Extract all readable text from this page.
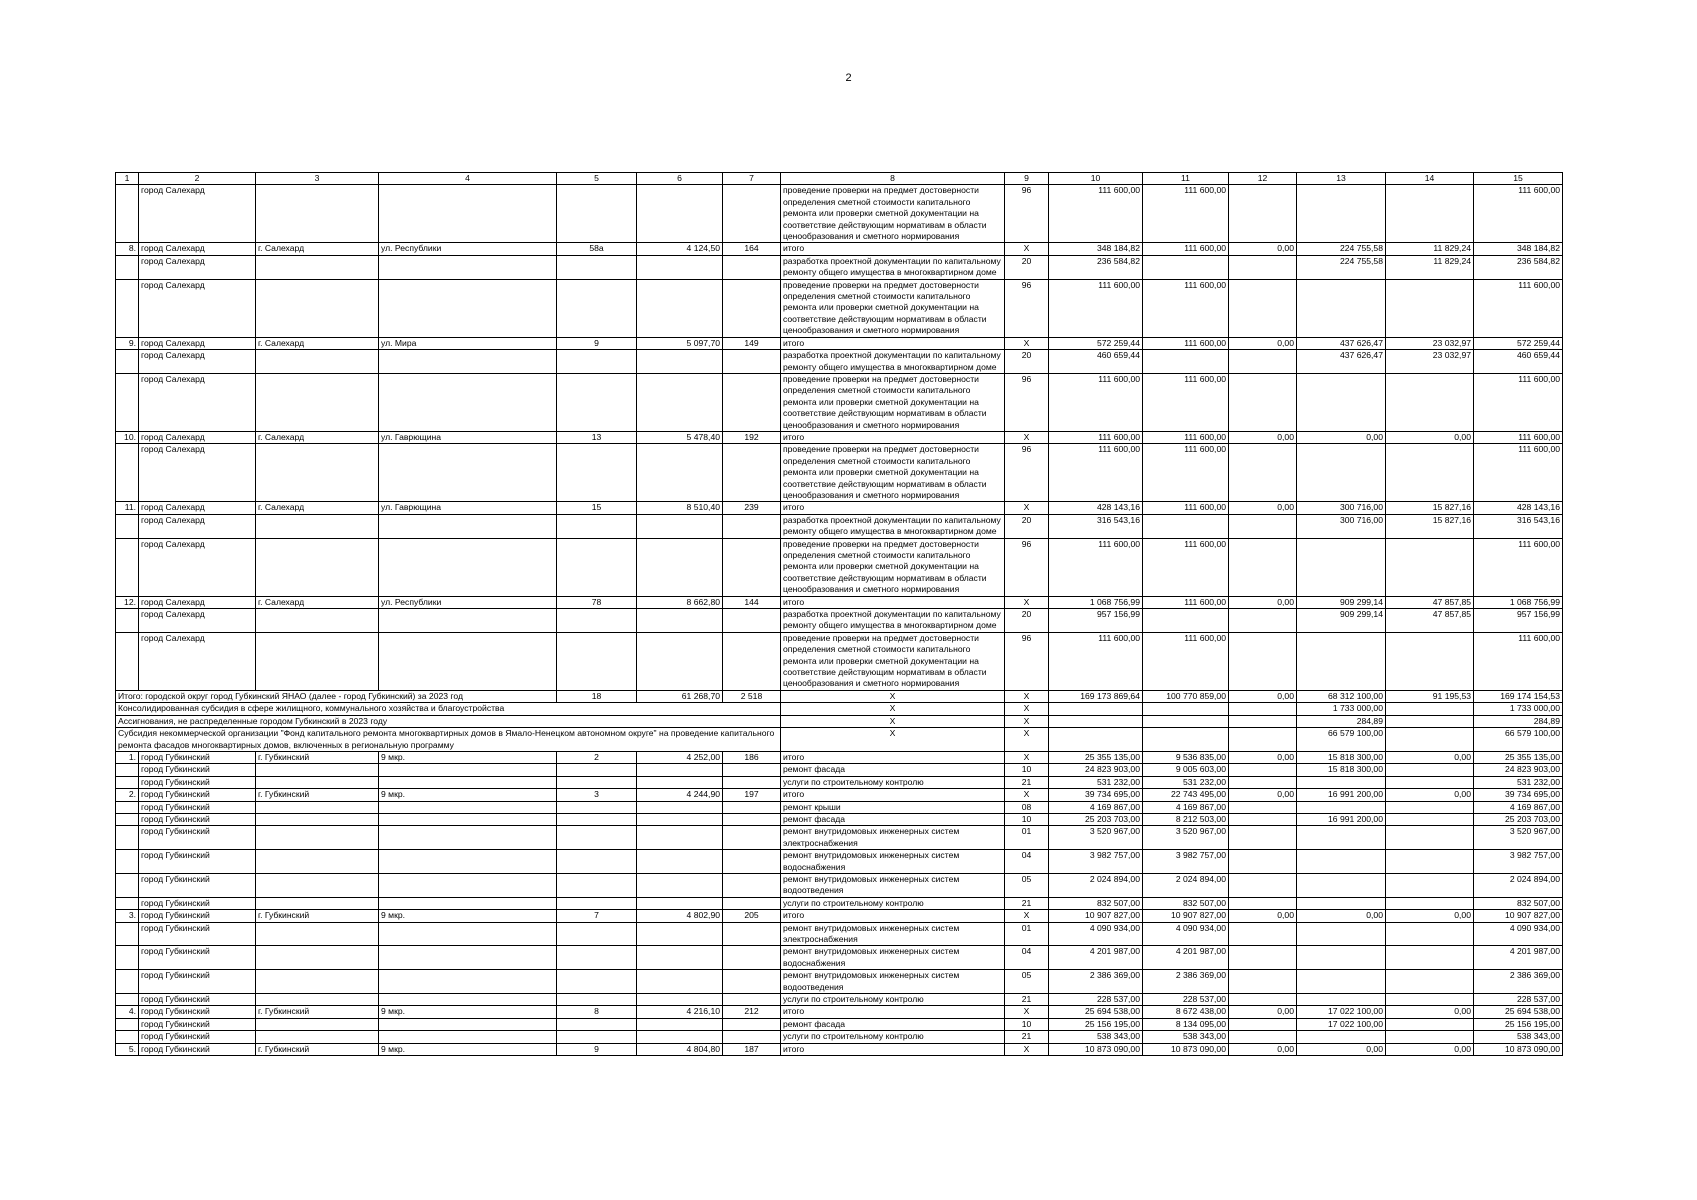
2
1	2	3	4	5	6	7	8	9	10	11	12	13	14	15
	город Салехард						проведение проверки на предмет достоверности определения сметной стоимости капитального ремонта или проверки сметной документации на соответствие действующим нормативам в области ценообразования и сметного нормирования	96	111 600,00	111 600,00				111 600,00
8.	город Салехард	г. Салехард	ул. Республики	58а	4 124,50	164	итого	Х	348 184,82	111 600,00	0,00	224 755,58	11 829,24	348 184,82
	город Салехард						разработка проектной документации по капитальному ремонту общего имущества в многоквартирном доме	20	236 584,82			224 755,58	11 829,24	236 584,82
	город Салехард						проведение проверки на предмет достоверности определения сметной стоимости капитального ремонта или проверки сметной документации на соответствие действующим нормативам в области ценообразования и сметного нормирования	96	111 600,00	111 600,00				111 600,00
9.	город Салехард	г. Салехард	ул. Мира	9	5 097,70	149	итого	Х	572 259,44	111 600,00	0,00	437 626,47	23 032,97	572 259,44
	город Салехард						разработка проектной документации по капитальному ремонту общего имущества в многоквартирном доме	20	460 659,44			437 626,47	23 032,97	460 659,44
	город Салехард						проведение проверки на предмет достоверности определения сметной стоимости капитального ремонта или проверки сметной документации на соответствие действующим нормативам в области ценообразования и сметного нормирования	96	111 600,00	111 600,00				111 600,00
10.	город Салехард	г. Салехард	ул. Гаврющина	13	5 478,40	192	итого	Х	111 600,00	111 600,00	0,00	0,00	0,00	111 600,00
	город Салехард						проведение проверки на предмет достоверности определения сметной стоимости капитального ремонта или проверки сметной документации на соответствие действующим нормативам в области ценообразования и сметного нормирования	96	111 600,00	111 600,00				111 600,00
11.	город Салехард	г. Салехард	ул. Гаврющина	15	8 510,40	239	итого	Х	428 143,16	111 600,00	0,00	300 716,00	15 827,16	428 143,16
	город Салехард						разработка проектной документации по капитальному ремонту общего имущества в многоквартирном доме	20	316 543,16			300 716,00	15 827,16	316 543,16
	город Салехард						проведение проверки на предмет достоверности определения сметной стоимости капитального ремонта или проверки сметной документации на соответствие действующим нормативам в области ценообразования и сметного нормирования	96	111 600,00	111 600,00				111 600,00
12.	город Салехард	г. Салехард	ул. Республики	78	8 662,80	144	итого	Х	1 068 756,99	111 600,00	0,00	909 299,14	47 857,85	1 068 756,99
	город Салехард						разработка проектной документации по капитальному ремонту общего имущества в многоквартирном доме	20	957 156,99			909 299,14	47 857,85	957 156,99
	город Салехард						проведение проверки на предмет достоверности определения сметной стоимости капитального ремонта или проверки сметной документации на соответствие действующим нормативам в области ценообразования и сметного нормирования	96	111 600,00	111 600,00				111 600,00
Итого: городской округ город Губкинский ЯНАО (далее - город Губкинский) за 2023 год				18	61 268,70	2 518	Х	Х	169 173 869,64	100 770 859,00	0,00	68 312 100,00	91 195,53	169 174 154,53
Консолидированная субсидия в сфере жилищного, коммунального хозяйства и благоустройства							Х	Х				1 733 000,00		1 733 000,00
Ассигнования, не распределенные городом Губкинский в 2023 году							Х	Х				284,89		284,89
Субсидия некоммерческой организации "Фонд капитального ремонта многоквартирных домов в Ямало-Ненецком автономном округе" на проведение капитального ремонта фасадов многоквартирных домов, включенных в региональную программу							Х	Х				66 579 100,00		66 579 100,00
1.	город Губкинский	г. Губкинский	9 мкр.	2	4 252,00	186	итого	Х	25 355 135,00	9 536 835,00	0,00	15 818 300,00	0,00	25 355 135,00
	город Губкинский						ремонт фасада	10	24 823 903,00	9 005 603,00		15 818 300,00		24 823 903,00
	город Губкинский						услуги по строительному контролю	21	531 232,00	531 232,00				531 232,00
2.	город Губкинский	г. Губкинский	9 мкр.	3	4 244,90	197	итого	Х	39 734 695,00	22 743 495,00	0,00	16 991 200,00	0,00	39 734 695,00
	город Губкинский						ремонт крыши	08	4 169 867,00	4 169 867,00				4 169 867,00
	город Губкинский						ремонт фасада	10	25 203 703,00	8 212 503,00		16 991 200,00		25 203 703,00
	город Губкинский						ремонт внутридомовых инженерных систем электроснабжения	01	3 520 967,00	3 520 967,00				3 520 967,00
	город Губкинский						ремонт внутридомовых инженерных систем водоснабжения	04	3 982 757,00	3 982 757,00				3 982 757,00
	город Губкинский						ремонт внутридомовых инженерных систем водоотведения	05	2 024 894,00	2 024 894,00				2 024 894,00
	город Губкинский						услуги по строительному контролю	21	832 507,00	832 507,00				832 507,00
3.	город Губкинский	г. Губкинский	9 мкр.	7	4 802,90	205	итого	Х	10 907 827,00	10 907 827,00	0,00	0,00	0,00	10 907 827,00
	город Губкинский						ремонт внутридомовых инженерных систем электроснабжения	01	4 090 934,00	4 090 934,00				4 090 934,00
	город Губкинский						ремонт внутридомовых инженерных систем водоснабжения	04	4 201 987,00	4 201 987,00				4 201 987,00
	город Губкинский						ремонт внутридомовых инженерных систем водоотведения	05	2 386 369,00	2 386 369,00				2 386 369,00
	город Губкинский						услуги по строительному контролю	21	228 537,00	228 537,00				228 537,00
4.	город Губкинский	г. Губкинский	9 мкр.	8	4 216,10	212	итого	Х	25 694 538,00	8 672 438,00	0,00	17 022 100,00	0,00	25 694 538,00
	город Губкинский						ремонт фасада	10	25 156 195,00	8 134 095,00		17 022 100,00		25 156 195,00
	город Губкинский						услуги по строительному контролю	21	538 343,00	538 343,00				538 343,00
5.	город Губкинский	г. Губкинский	9 мкр.	9	4 804,80	187	итого	Х	10 873 090,00	10 873 090,00	0,00	0,00	0,00	10 873 090,00
